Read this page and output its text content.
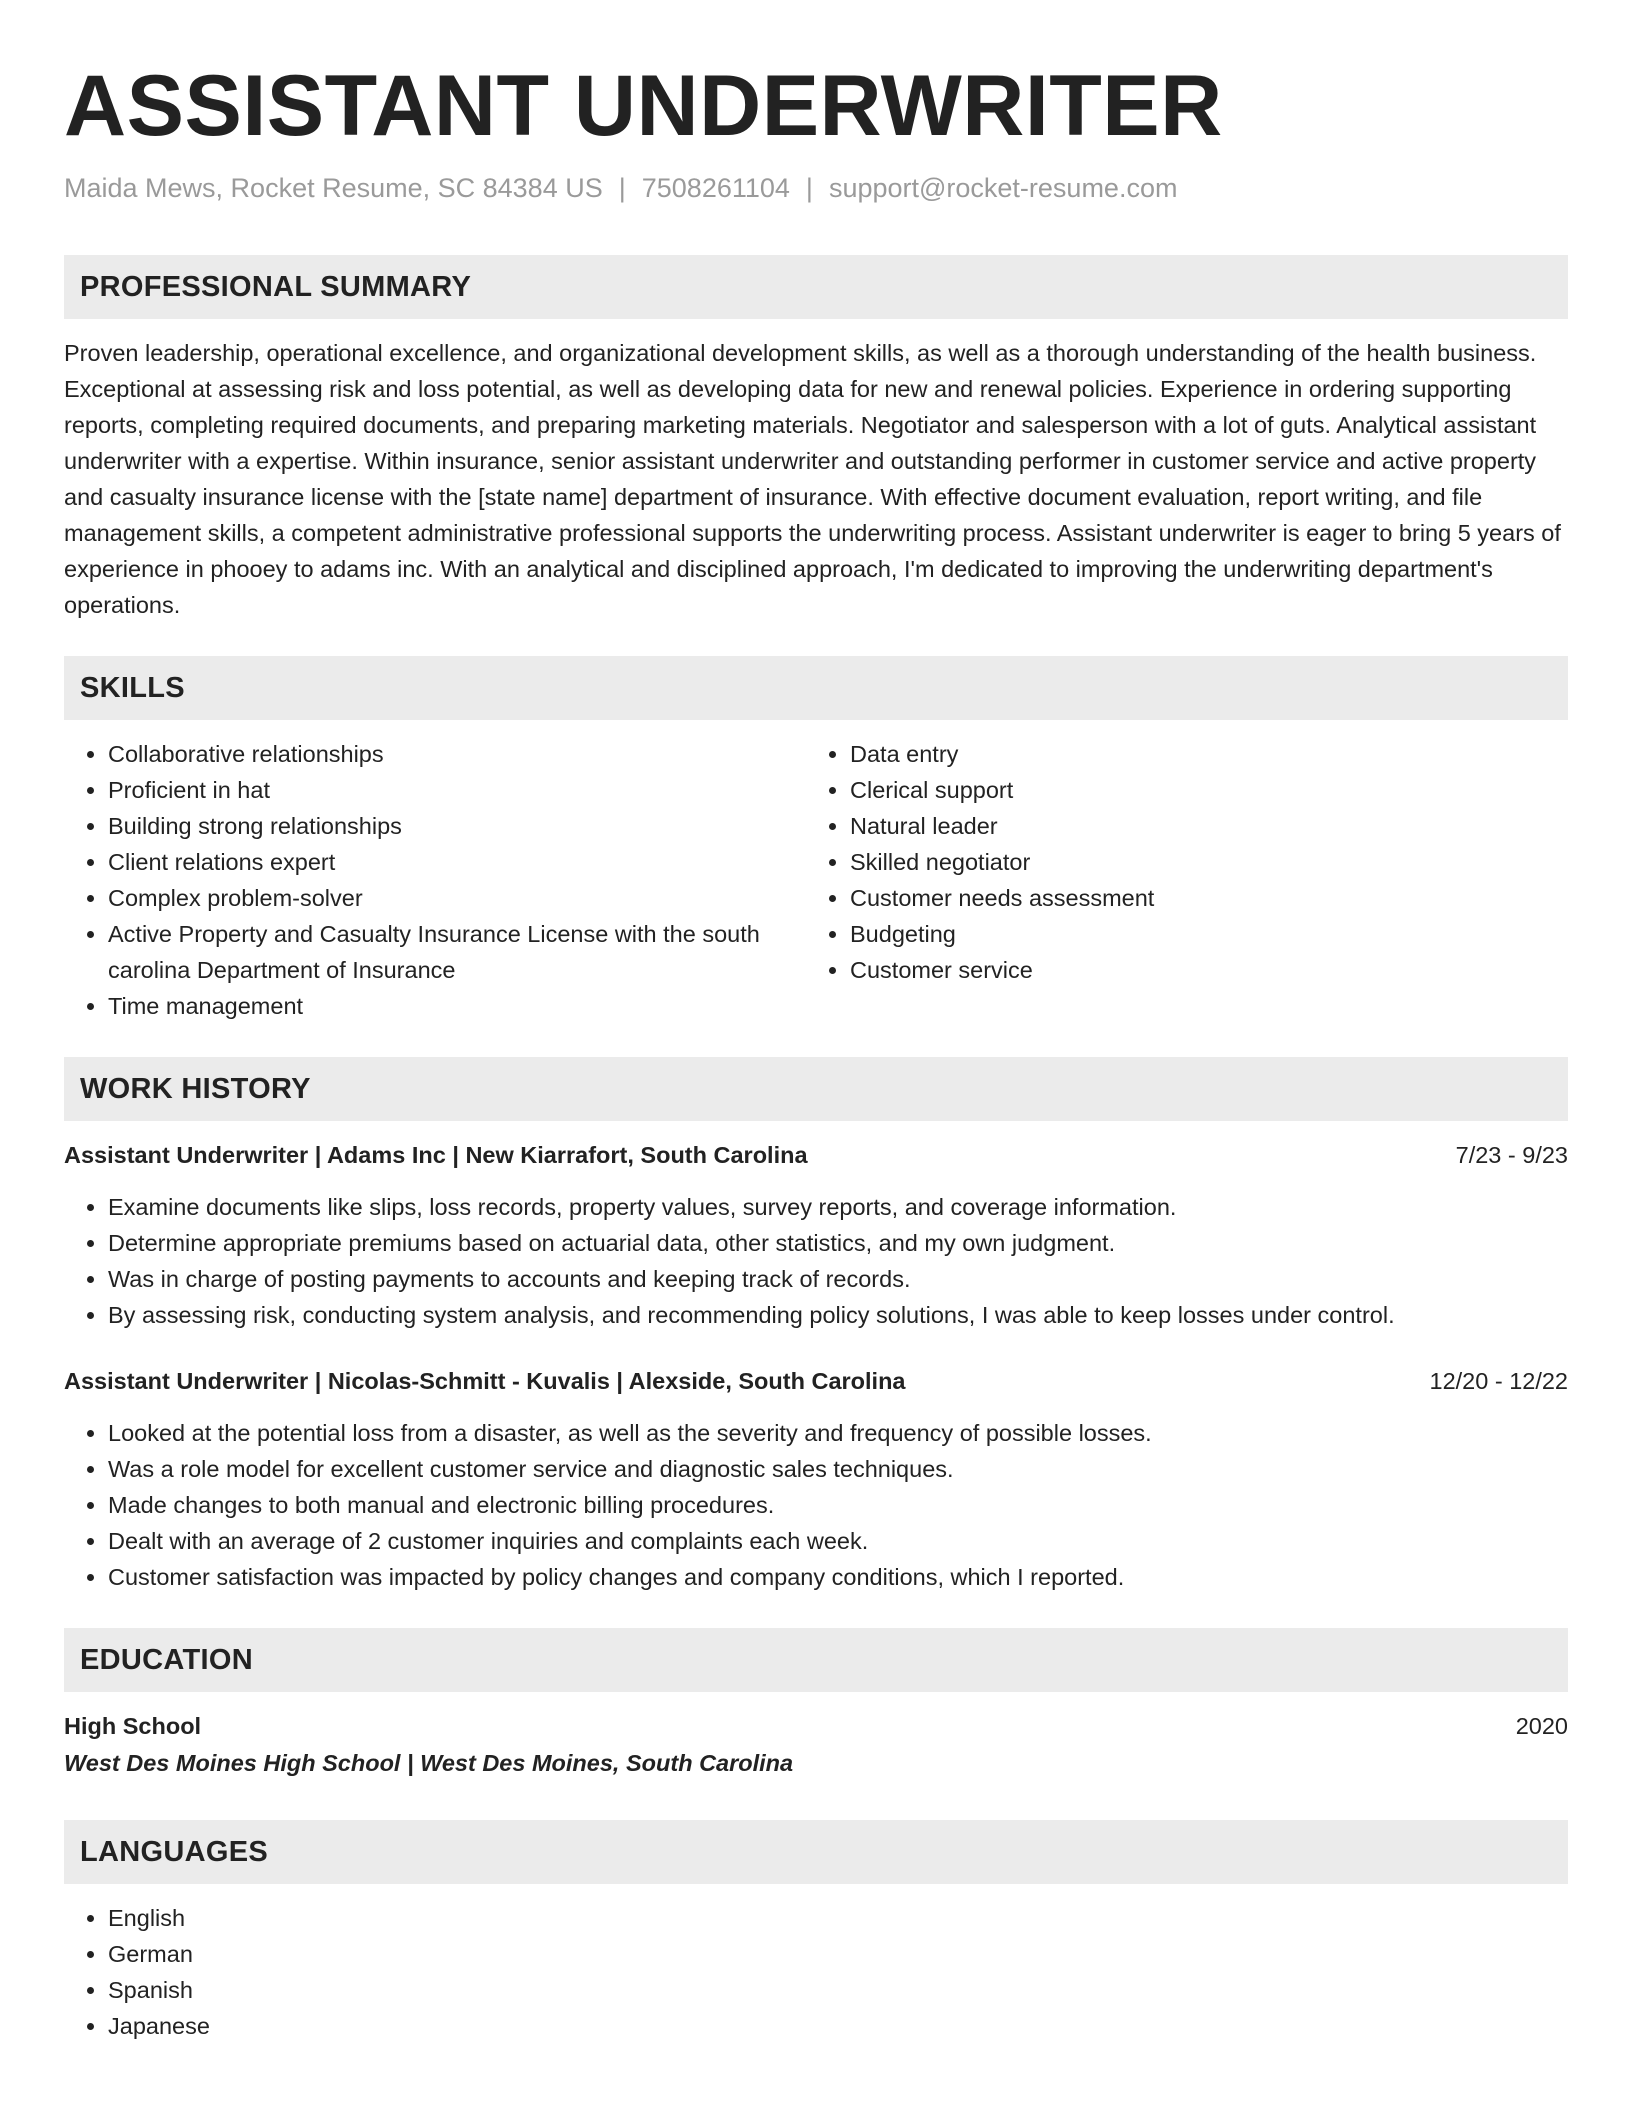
ASSISTANT UNDERWRITER
Maida Mews, Rocket Resume, SC 84384 US | 7508261104 | support@rocket-resume.com
PROFESSIONAL SUMMARY

Proven leadership, operational excellence, and organizational development skills, as well as a thorough understanding of the health business. Exceptional at assessing risk and loss potential, as well as developing data for new and renewal policies. Experience in ordering supporting reports, completing required documents, and preparing marketing materials. Negotiator and salesperson with a lot of guts. Analytical assistant underwriter with a expertise. Within insurance, senior assistant underwriter and outstanding performer in customer service and active property and casualty insurance license with the [state name] department of insurance. With effective document evaluation, report writing, and file management skills, a competent administrative professional supports the underwriting process. Assistant underwriter is eager to bring 5 years of experience in phooey to adams inc. With an analytical and disciplined approach, I'm dedicated to improving the underwriting department's operations.

SKILLS
• Collaborative relationships
• Proficient in hat
• Building strong relationships
• Client relations expert
• Complex problem-solver
• Active Property and Casualty Insurance License with the south carolina Department of Insurance
• Time management
• Data entry
• Clerical support
• Natural leader
• Skilled negotiator
• Customer needs assessment
• Budgeting
• Customer service
WORK HISTORY
Assistant Underwriter | Adams Inc | New Kiarrafort, South Carolina	7/23 - 9/23
• Examine documents like slips, loss records, property values, survey reports, and coverage information.
• Determine appropriate premiums based on actuarial data, other statistics, and my own judgment.
• Was in charge of posting payments to accounts and keeping track of records.
• By assessing risk, conducting system analysis, and recommending policy solutions, I was able to keep losses under control.
Assistant Underwriter | Nicolas-Schmitt - Kuvalis | Alexside, South Carolina	12/20 - 12/22
• Looked at the potential loss from a disaster, as well as the severity and frequency of possible losses.
• Was a role model for excellent customer service and diagnostic sales techniques.
• Made changes to both manual and electronic billing procedures.
• Dealt with an average of 2 customer inquiries and complaints each week.
• Customer satisfaction was impacted by policy changes and company conditions, which I reported.
EDUCATION
High School	2020
West Des Moines High School | West Des Moines, South Carolina
LANGUAGES
• English
• German
• Spanish
• Japanese
